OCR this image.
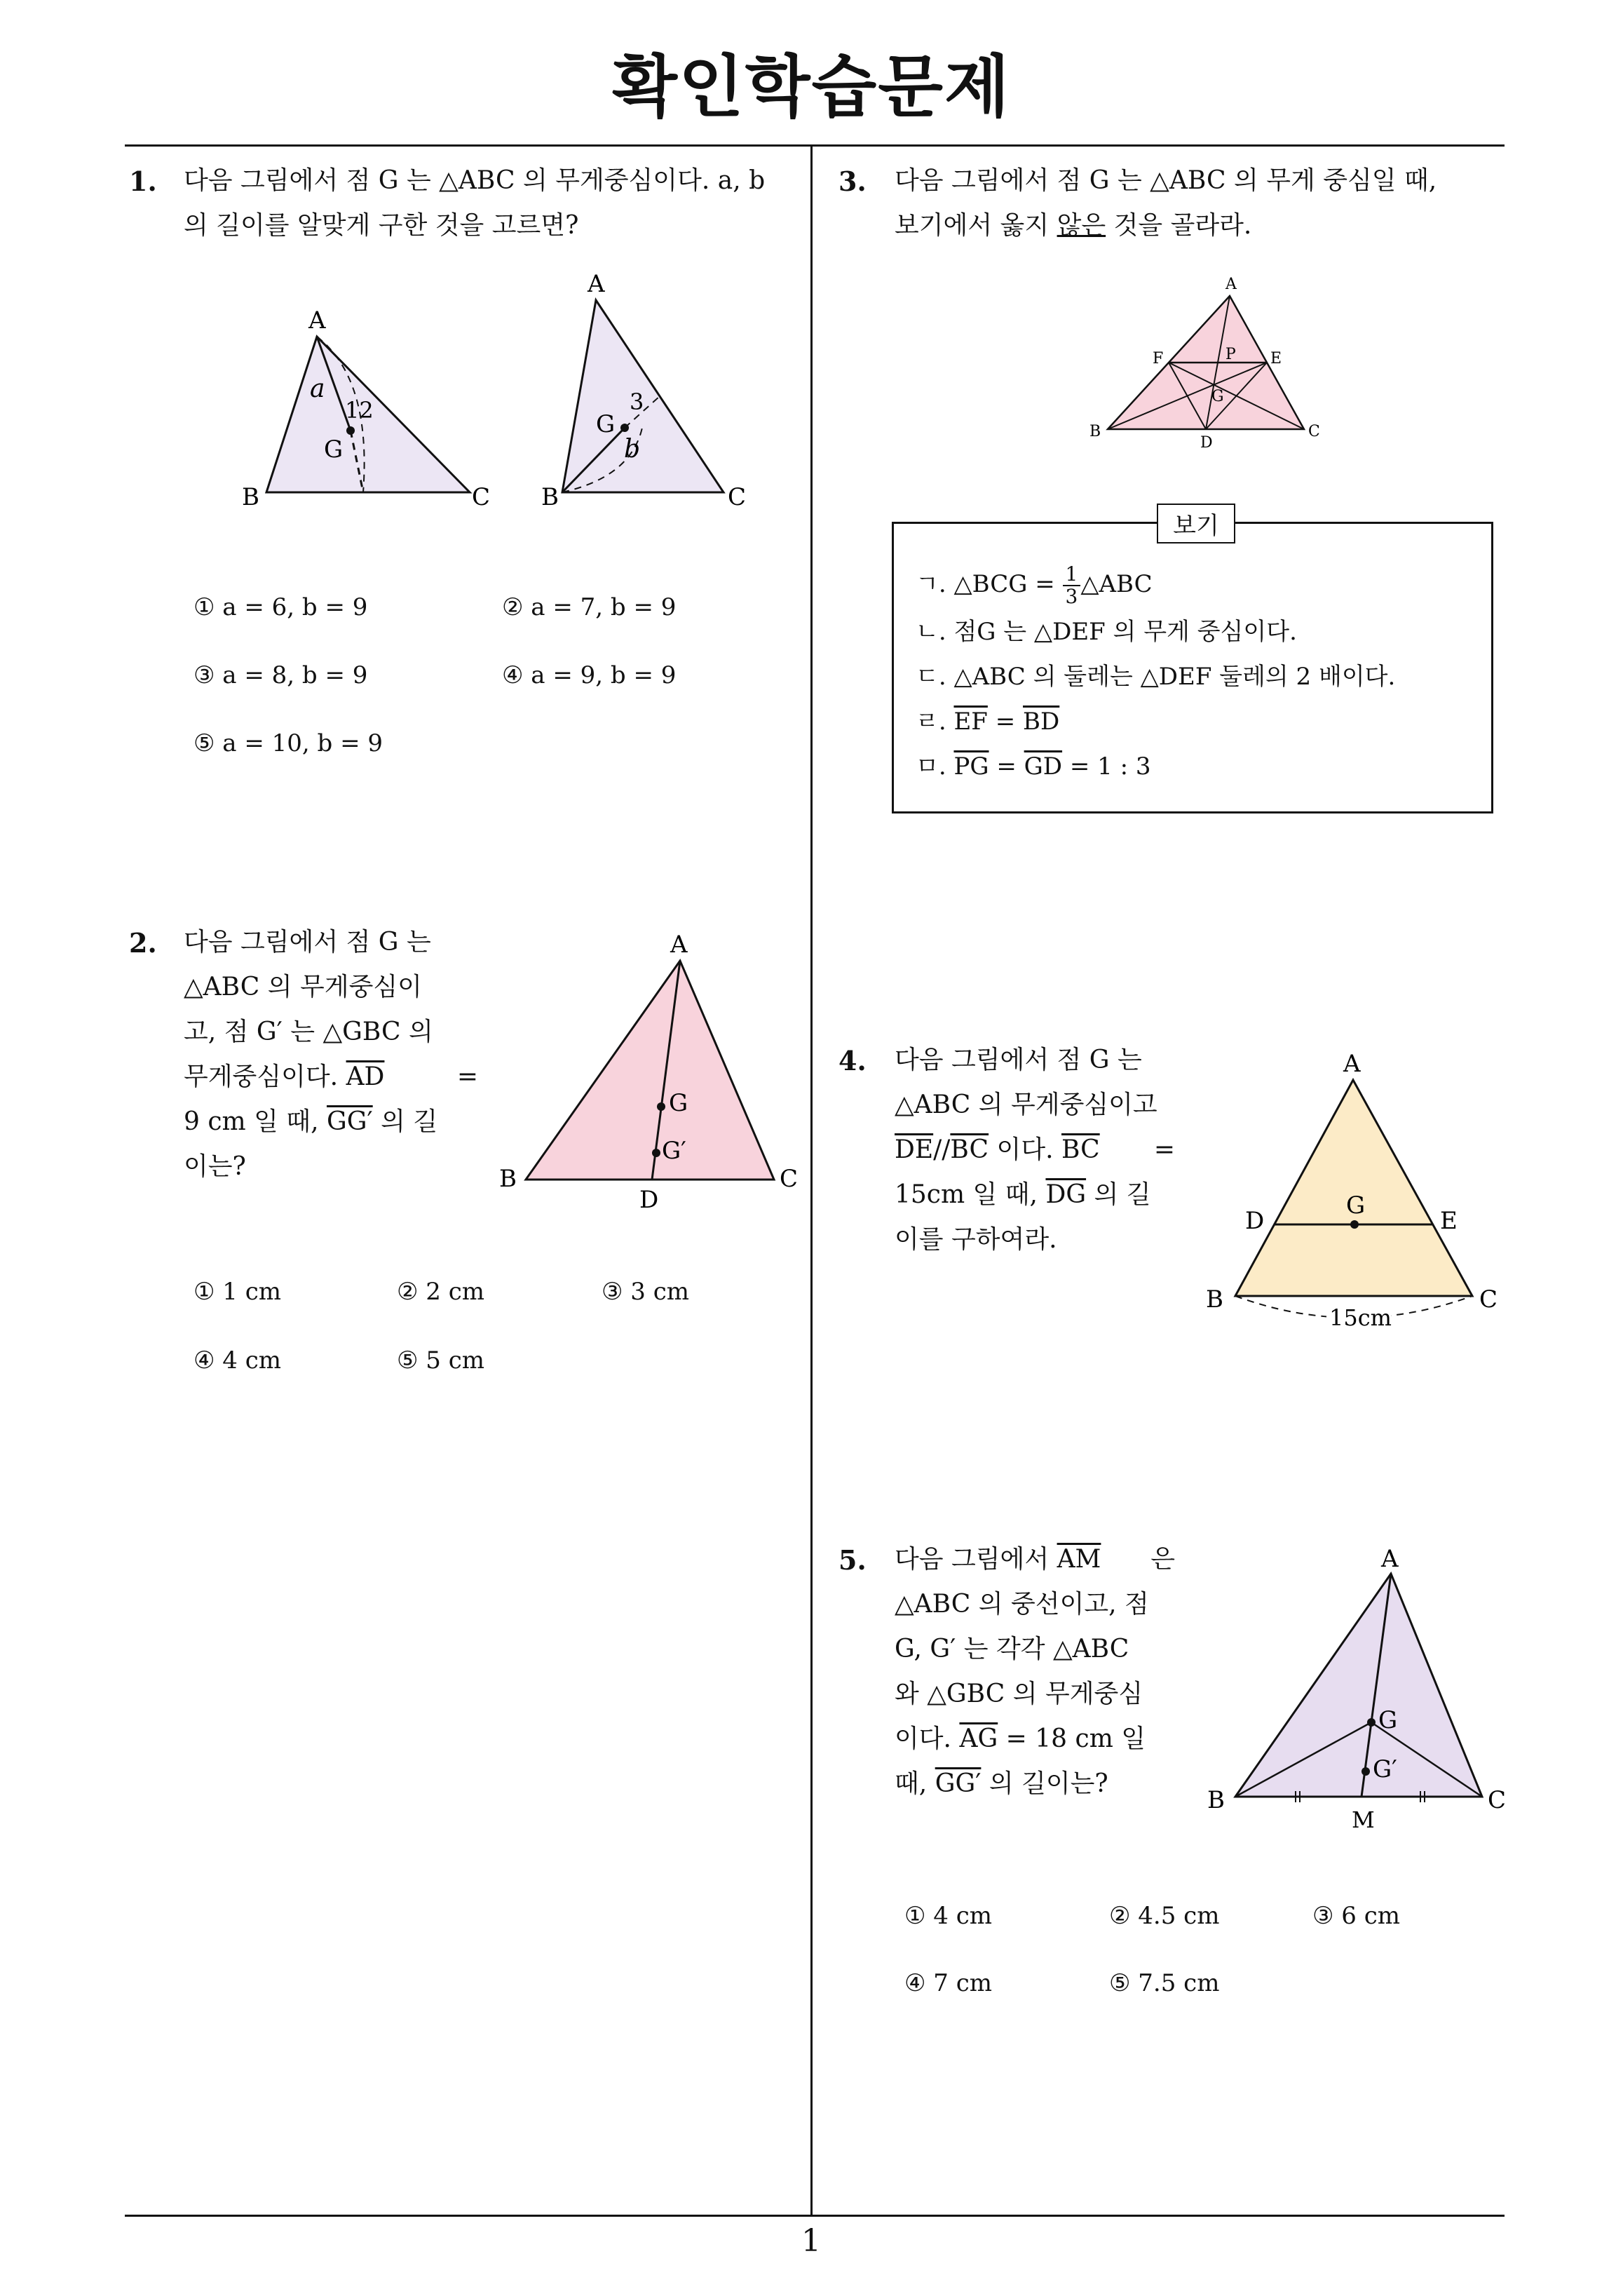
확인학습문제
1
1. 다음 그림에서 점 G 는 △ABC 의 무게중심이다. a, b

의 길이를 알맞게 구한 것을 고르면?

A
B	C
G
a
12
A
B	C
G
3
b
① a = 6, b = 9	② a = 7, b = 9
③ a = 8, b = 9	④ a = 9, b = 9
⑤ a = 10, b = 9
2. 다음 그림에서 점 G 는

△ABC 의 무게중심이

고, 점 G′ 는 △GBC 의

무게중심이다. $\overline{AD}$	=

9 cm 일 때, GG′ 의 길

이는?

A
B	C
D
G
G′
① 1 cm	② 2 cm	③ 3 cm
④ 4 cm	⑤ 5 cm
3. 다음 그림에서 점 G 는 △ABC 의 무게 중심일 때,

보기에서 옳지 않은 것을 골라라.

A
B	C
D
E
F	P
G
보기
ㄱ. △BCG = $\frac{1}{3}$ △ABC
ㄴ. 점G 는 △DEF 의 무게 중심이다.
ㄷ. △ABC 의 둘레는 △DEF 둘레의 2 배이다.
ㄹ. $\overline{EF} = \overline{BD}$
ㅁ. $\overline{PG} = \overline{GD} = 1$ : 3
4. 다음 그림에서 점 G 는

△ABC 의 무게중심이고

$\overline{DE}//\overline{BC}$ 이다. $\overline{BC}$ =

15cm 일 때, $\overline{DG}$ 의 길

이를 구하여라.

A
B	C
D	E
G
15cm
5. 다음 그림에서 $\overline{AM}$ 은

△ABC 의 중선이고, 점

G, G′ 는 각각 △ABC

와 △GBC 의 무게중심

이다. $\overline{AG} = 18$ cm 일

때, GG′ 의 길이는?

A
B	C
M
G
G′
① 4 cm	② 4.5 cm	③ 6 cm
④ 7 cm	⑤ 7.5 cm
